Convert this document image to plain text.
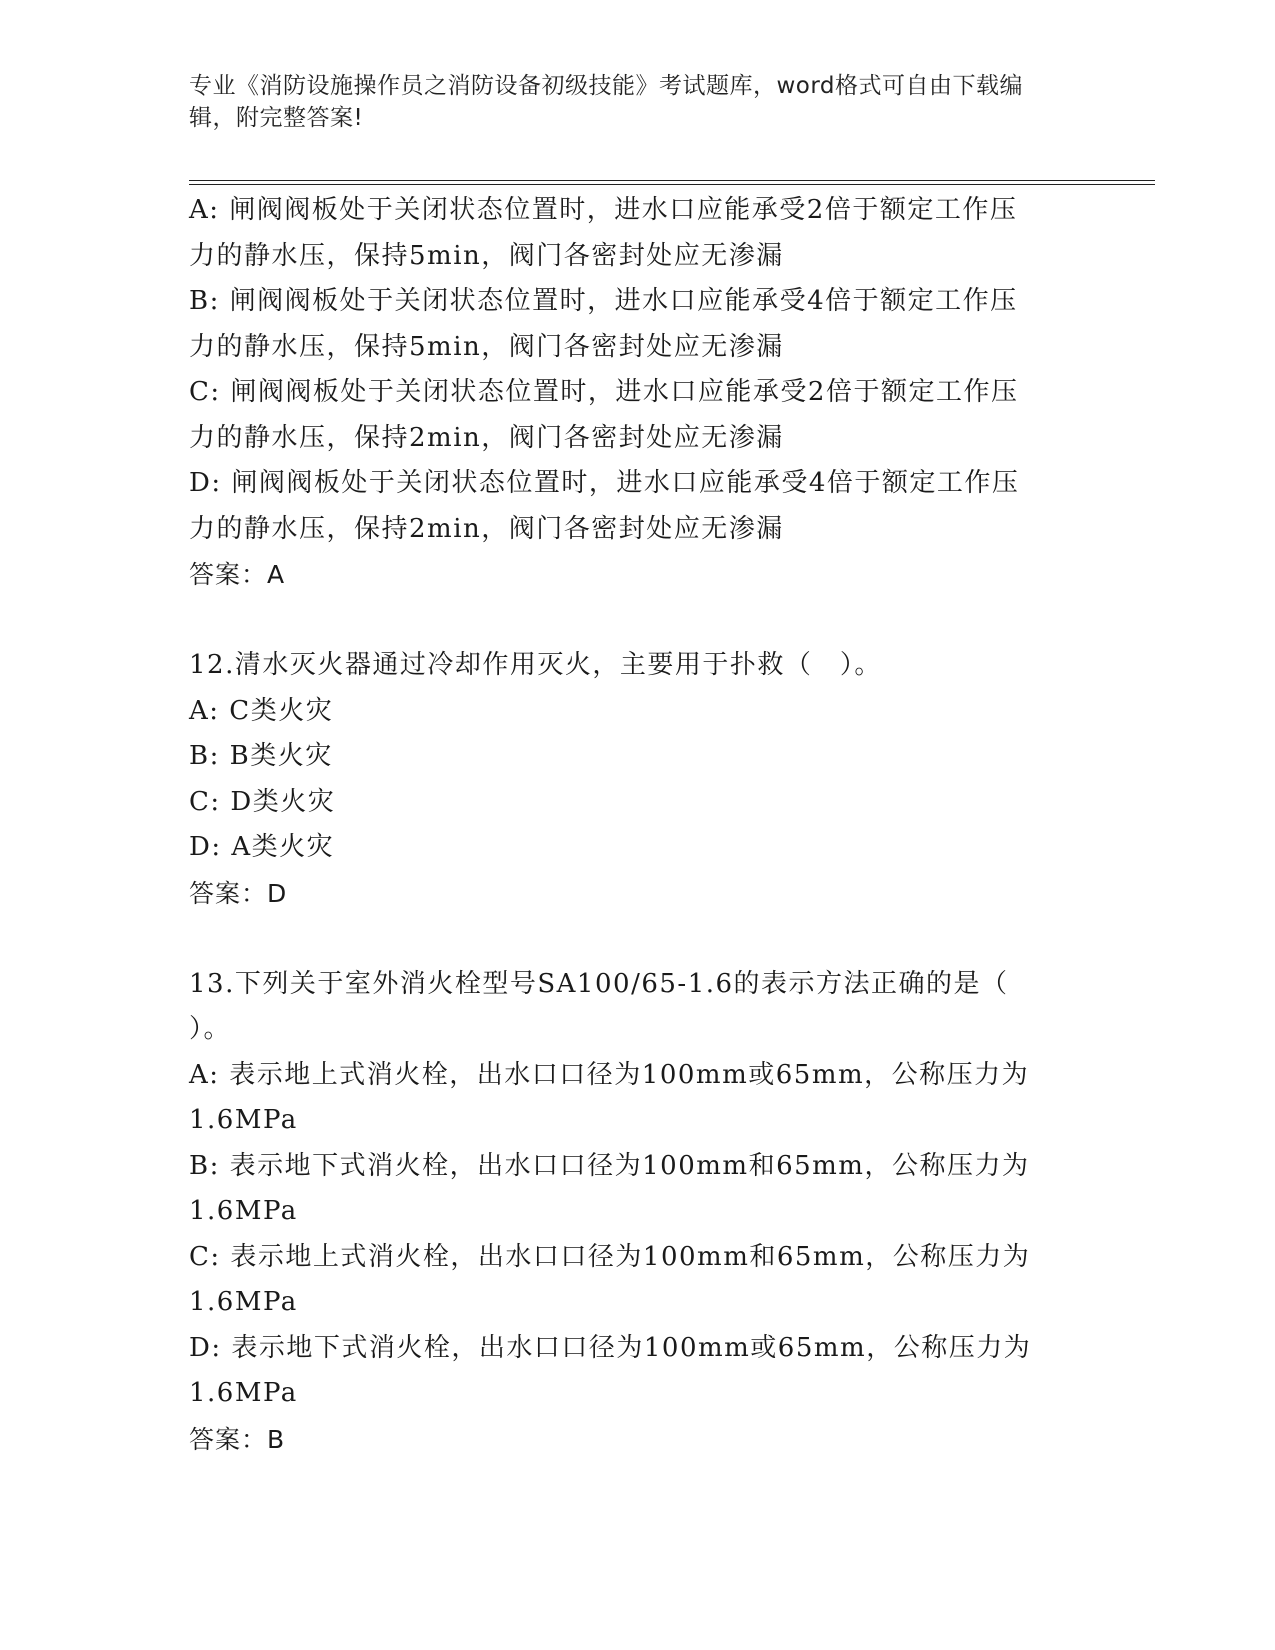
专业《消防设施操作员之消防设备初级技能》考试题库，word格式可自由下载编
辑，附完整答案!
A: 闸阀阀板处于关闭状态位置时，进水口应能承受2倍于额定工作压
力的静水压，保持5min，阀门各密封处应无渗漏
B: 闸阀阀板处于关闭状态位置时，进水口应能承受4倍于额定工作压
力的静水压，保持5min，阀门各密封处应无渗漏
C: 闸阀阀板处于关闭状态位置时，进水口应能承受2倍于额定工作压
力的静水压，保持2min，阀门各密封处应无渗漏
D: 闸阀阀板处于关闭状态位置时，进水口应能承受4倍于额定工作压
力的静水压，保持2min，阀门各密封处应无渗漏
答案：A
12.清水灭火器通过冷却作用灭火，主要用于扑救（　）。
A: C类火灾
B: B类火灾
C: D类火灾
D: A类火灾
答案：D
13.下列关于室外消火栓型号SA100/65-1.6的表示方法正确的是（
）。
A: 表示地上式消火栓，出水口口径为100mm或65mm，公称压力为
1.6MPa
B: 表示地下式消火栓，出水口口径为100mm和65mm，公称压力为
1.6MPa
C: 表示地上式消火栓，出水口口径为100mm和65mm，公称压力为
1.6MPa
D: 表示地下式消火栓，出水口口径为100mm或65mm，公称压力为
1.6MPa
答案：B
